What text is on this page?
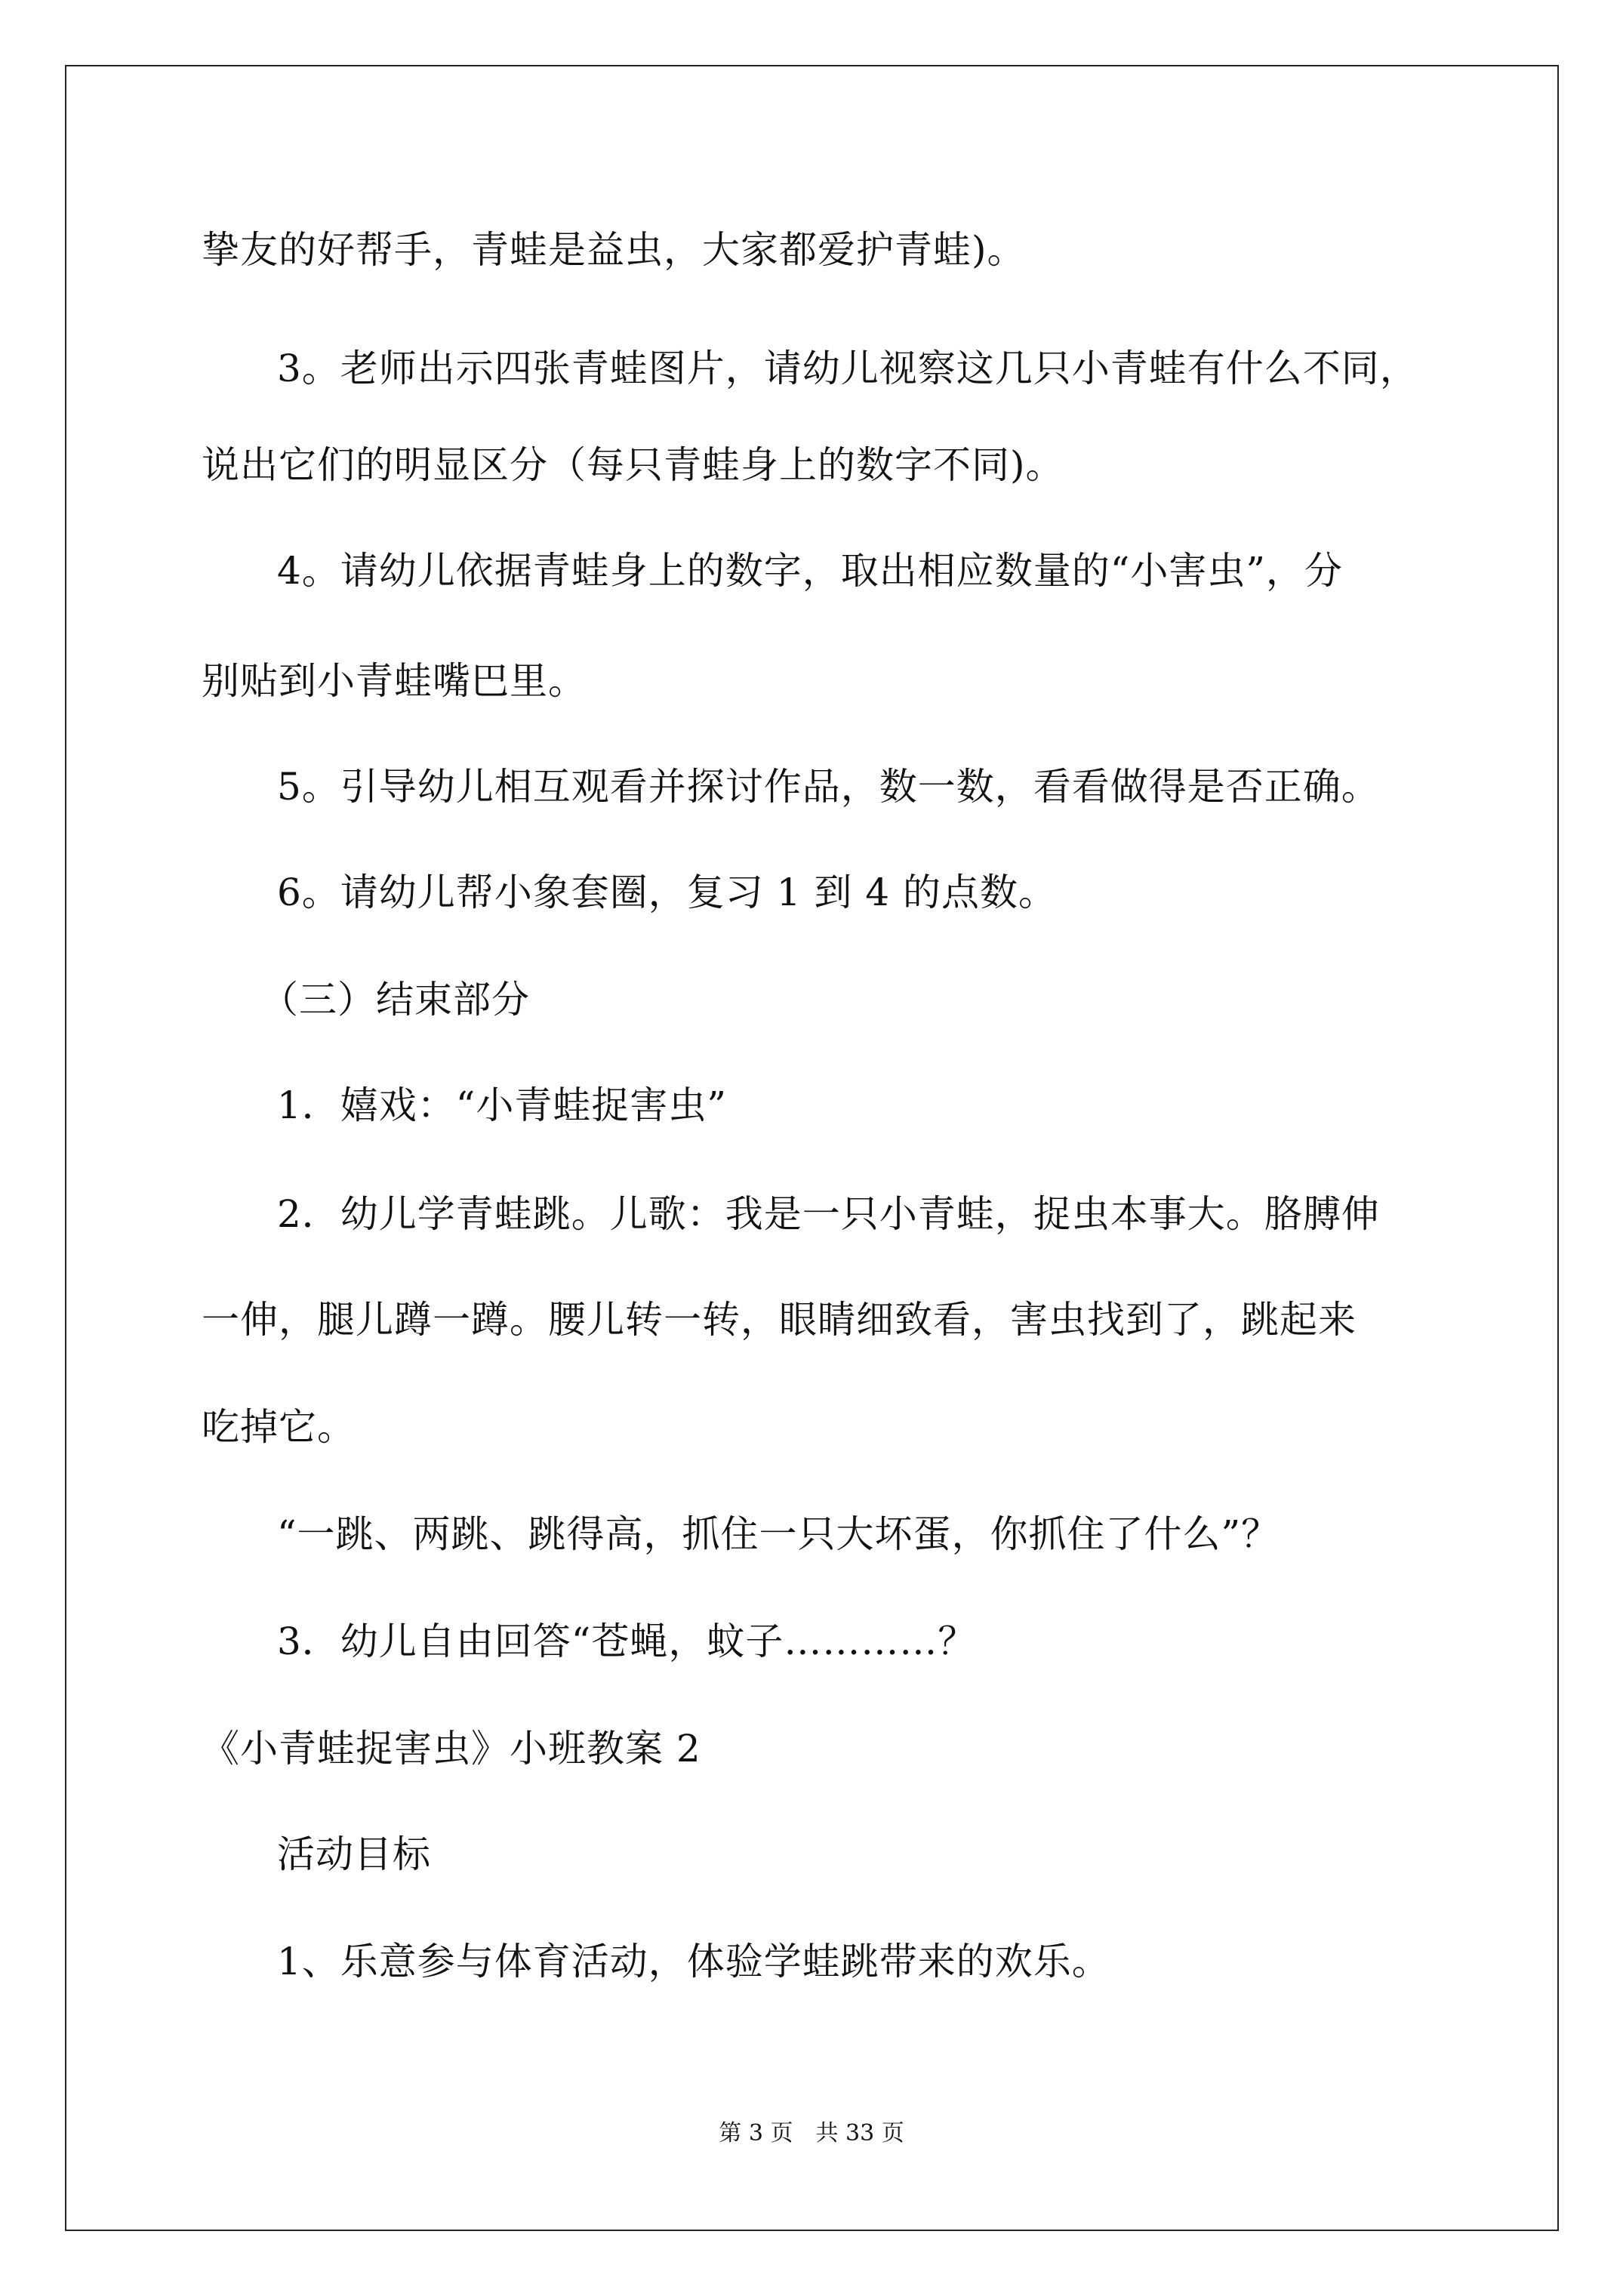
挚友的好帮手，青蛙是益虫，大家都爱护青蛙)。
3。老师出示四张青蛙图片，请幼儿视察这几只小青蛙有什么不同，
说出它们的明显区分（每只青蛙身上的数字不同)。
4。请幼儿依据青蛙身上的数字，取出相应数量的“小害虫”，分
别贴到小青蛙嘴巴里。
5。引导幼儿相互观看并探讨作品，数一数，看看做得是否正确。
6。请幼儿帮小象套圈，复习 1 到 4 的点数。
（三）结束部分
1．嬉戏：“小青蛙捉害虫”
2．幼儿学青蛙跳。儿歌：我是一只小青蛙，捉虫本事大。胳膊伸
一伸，腿儿蹲一蹲。腰儿转一转，眼睛细致看，害虫找到了，跳起来
吃掉它。
“一跳、两跳、跳得高，抓住一只大坏蛋，你抓住了什么”？
3．幼儿自由回答“苍蝇，蚊子…………？
《小青蛙捉害虫》小班教案 2
活动目标
1、乐意参与体育活动，体验学蛙跳带来的欢乐。
第 3 页　共 33 页
